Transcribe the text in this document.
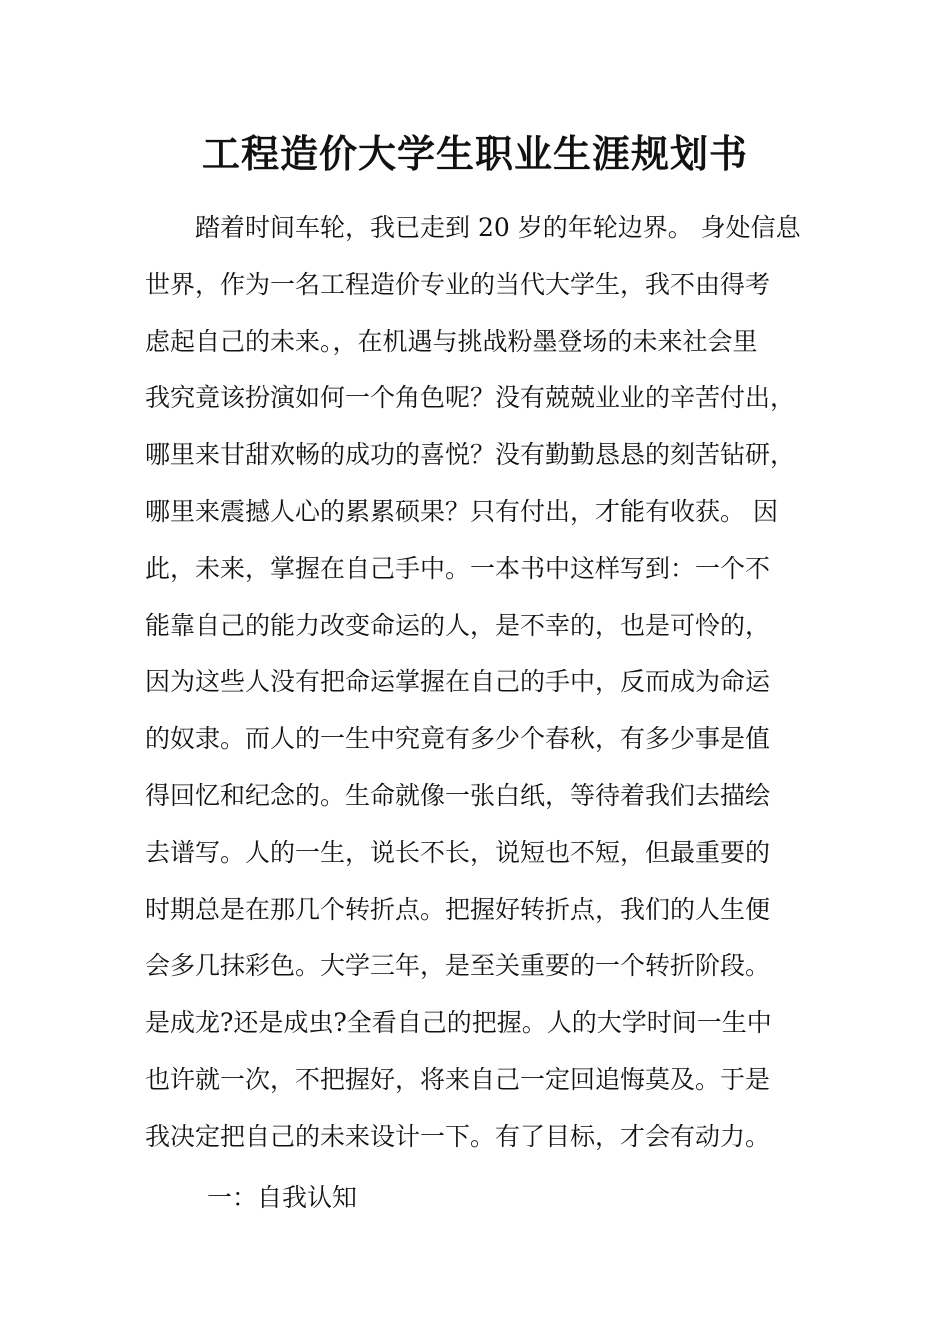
工程造价大学生职业生涯规划书
踏着时间车轮，我已走到 20 岁的年轮边界。 身处信息
世界，作为一名工程造价专业的当代大学生，我不由得考
虑起自己的未来。，在机遇与挑战粉墨登场的未来社会里
我究竟该扮演如何一个角色呢？没有兢兢业业的辛苦付出，
哪里来甘甜欢畅的成功的喜悦？没有勤勤恳恳的刻苦钻研，
哪里来震撼人心的累累硕果？只有付出，才能有收获。 因
此，未来，掌握在自己手中。一本书中这样写到：一个不
能靠自己的能力改变命运的人，是不幸的，也是可怜的，
因为这些人没有把命运掌握在自己的手中，反而成为命运
的奴隶。而人的一生中究竟有多少个春秋，有多少事是值
得回忆和纪念的。生命就像一张白纸，等待着我们去描绘
去谱写。人的一生，说长不长，说短也不短，但最重要的
时期总是在那几个转折点。把握好转折点，我们的人生便
会多几抹彩色。大学三年，是至关重要的一个转折阶段。
是成龙?还是成虫?全看自己的把握。人的大学时间一生中
也许就一次，不把握好，将来自己一定回追悔莫及。于是
我决定把自己的未来设计一下。有了目标，才会有动力。
一：自我认知
